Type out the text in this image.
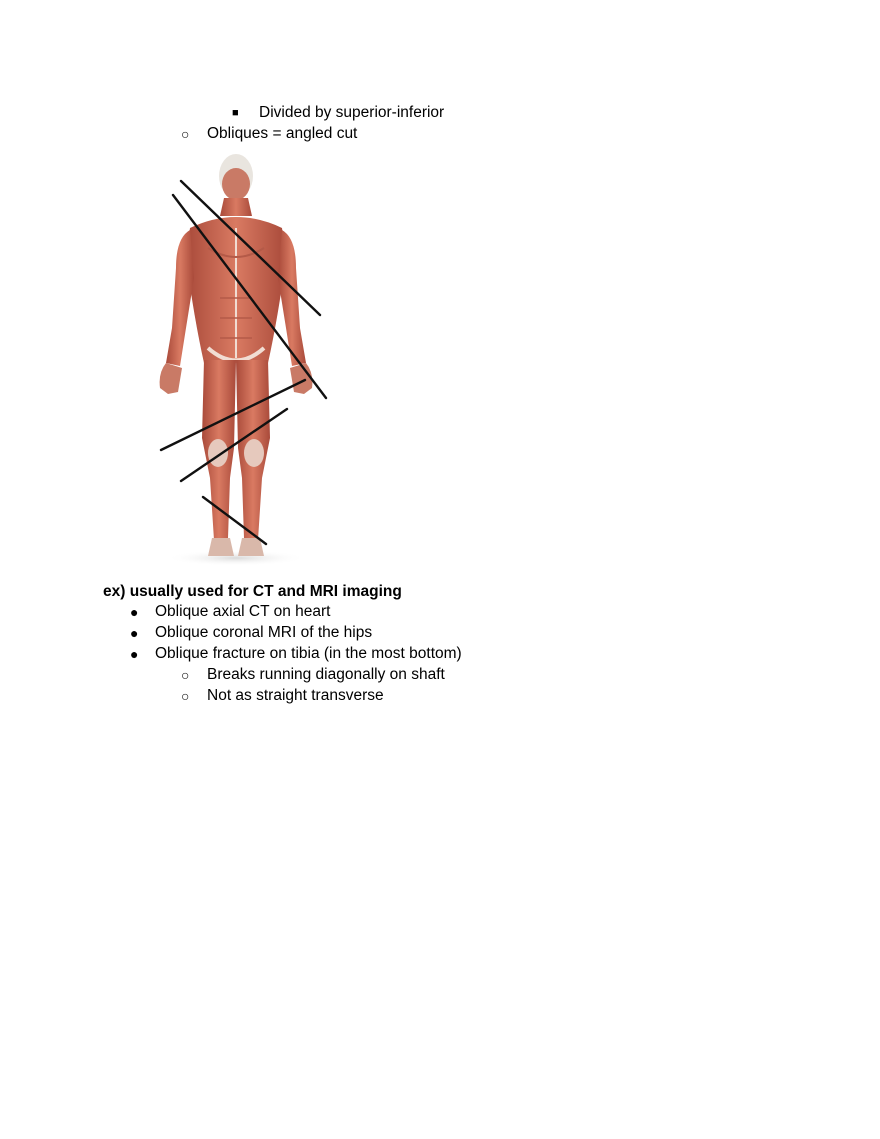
■ Divided by superior-inferior
○ Obliques = angled cut
ex) usually used for CT and MRI imaging
● Oblique axial CT on heart
● Oblique coronal MRI of the hips
● Oblique fracture on tibia (in the most bottom)
○ Breaks running diagonally on shaft
○ Not as straight transverse
